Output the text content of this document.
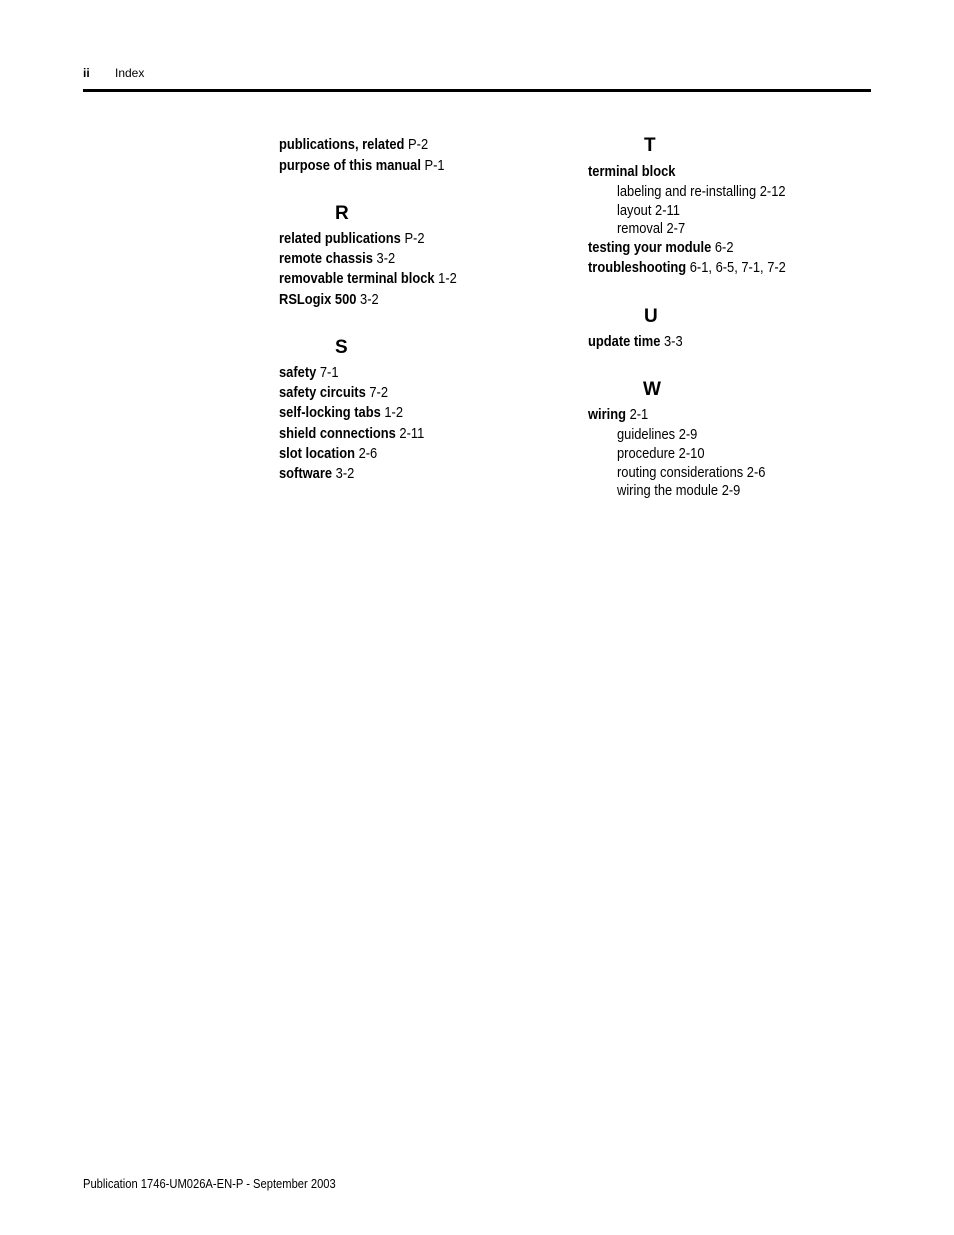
ii Index
publications, related P-2
purpose of this manual P-1
R
related publications P-2
remote chassis 3-2
removable terminal block 1-2
RSLogix 500 3-2
S
safety 7-1
safety circuits 7-2
self-locking tabs 1-2
shield connections 2-11
slot location 2-6
software 3-2
T
terminal block
labeling and re-installing 2-12
layout 2-11
removal 2-7
testing your module 6-2
troubleshooting 6-1, 6-5, 7-1, 7-2
U
update time 3-3
W
wiring 2-1
guidelines 2-9
procedure 2-10
routing considerations 2-6
wiring the module 2-9
Publication 1746-UM026A-EN-P - September 2003
